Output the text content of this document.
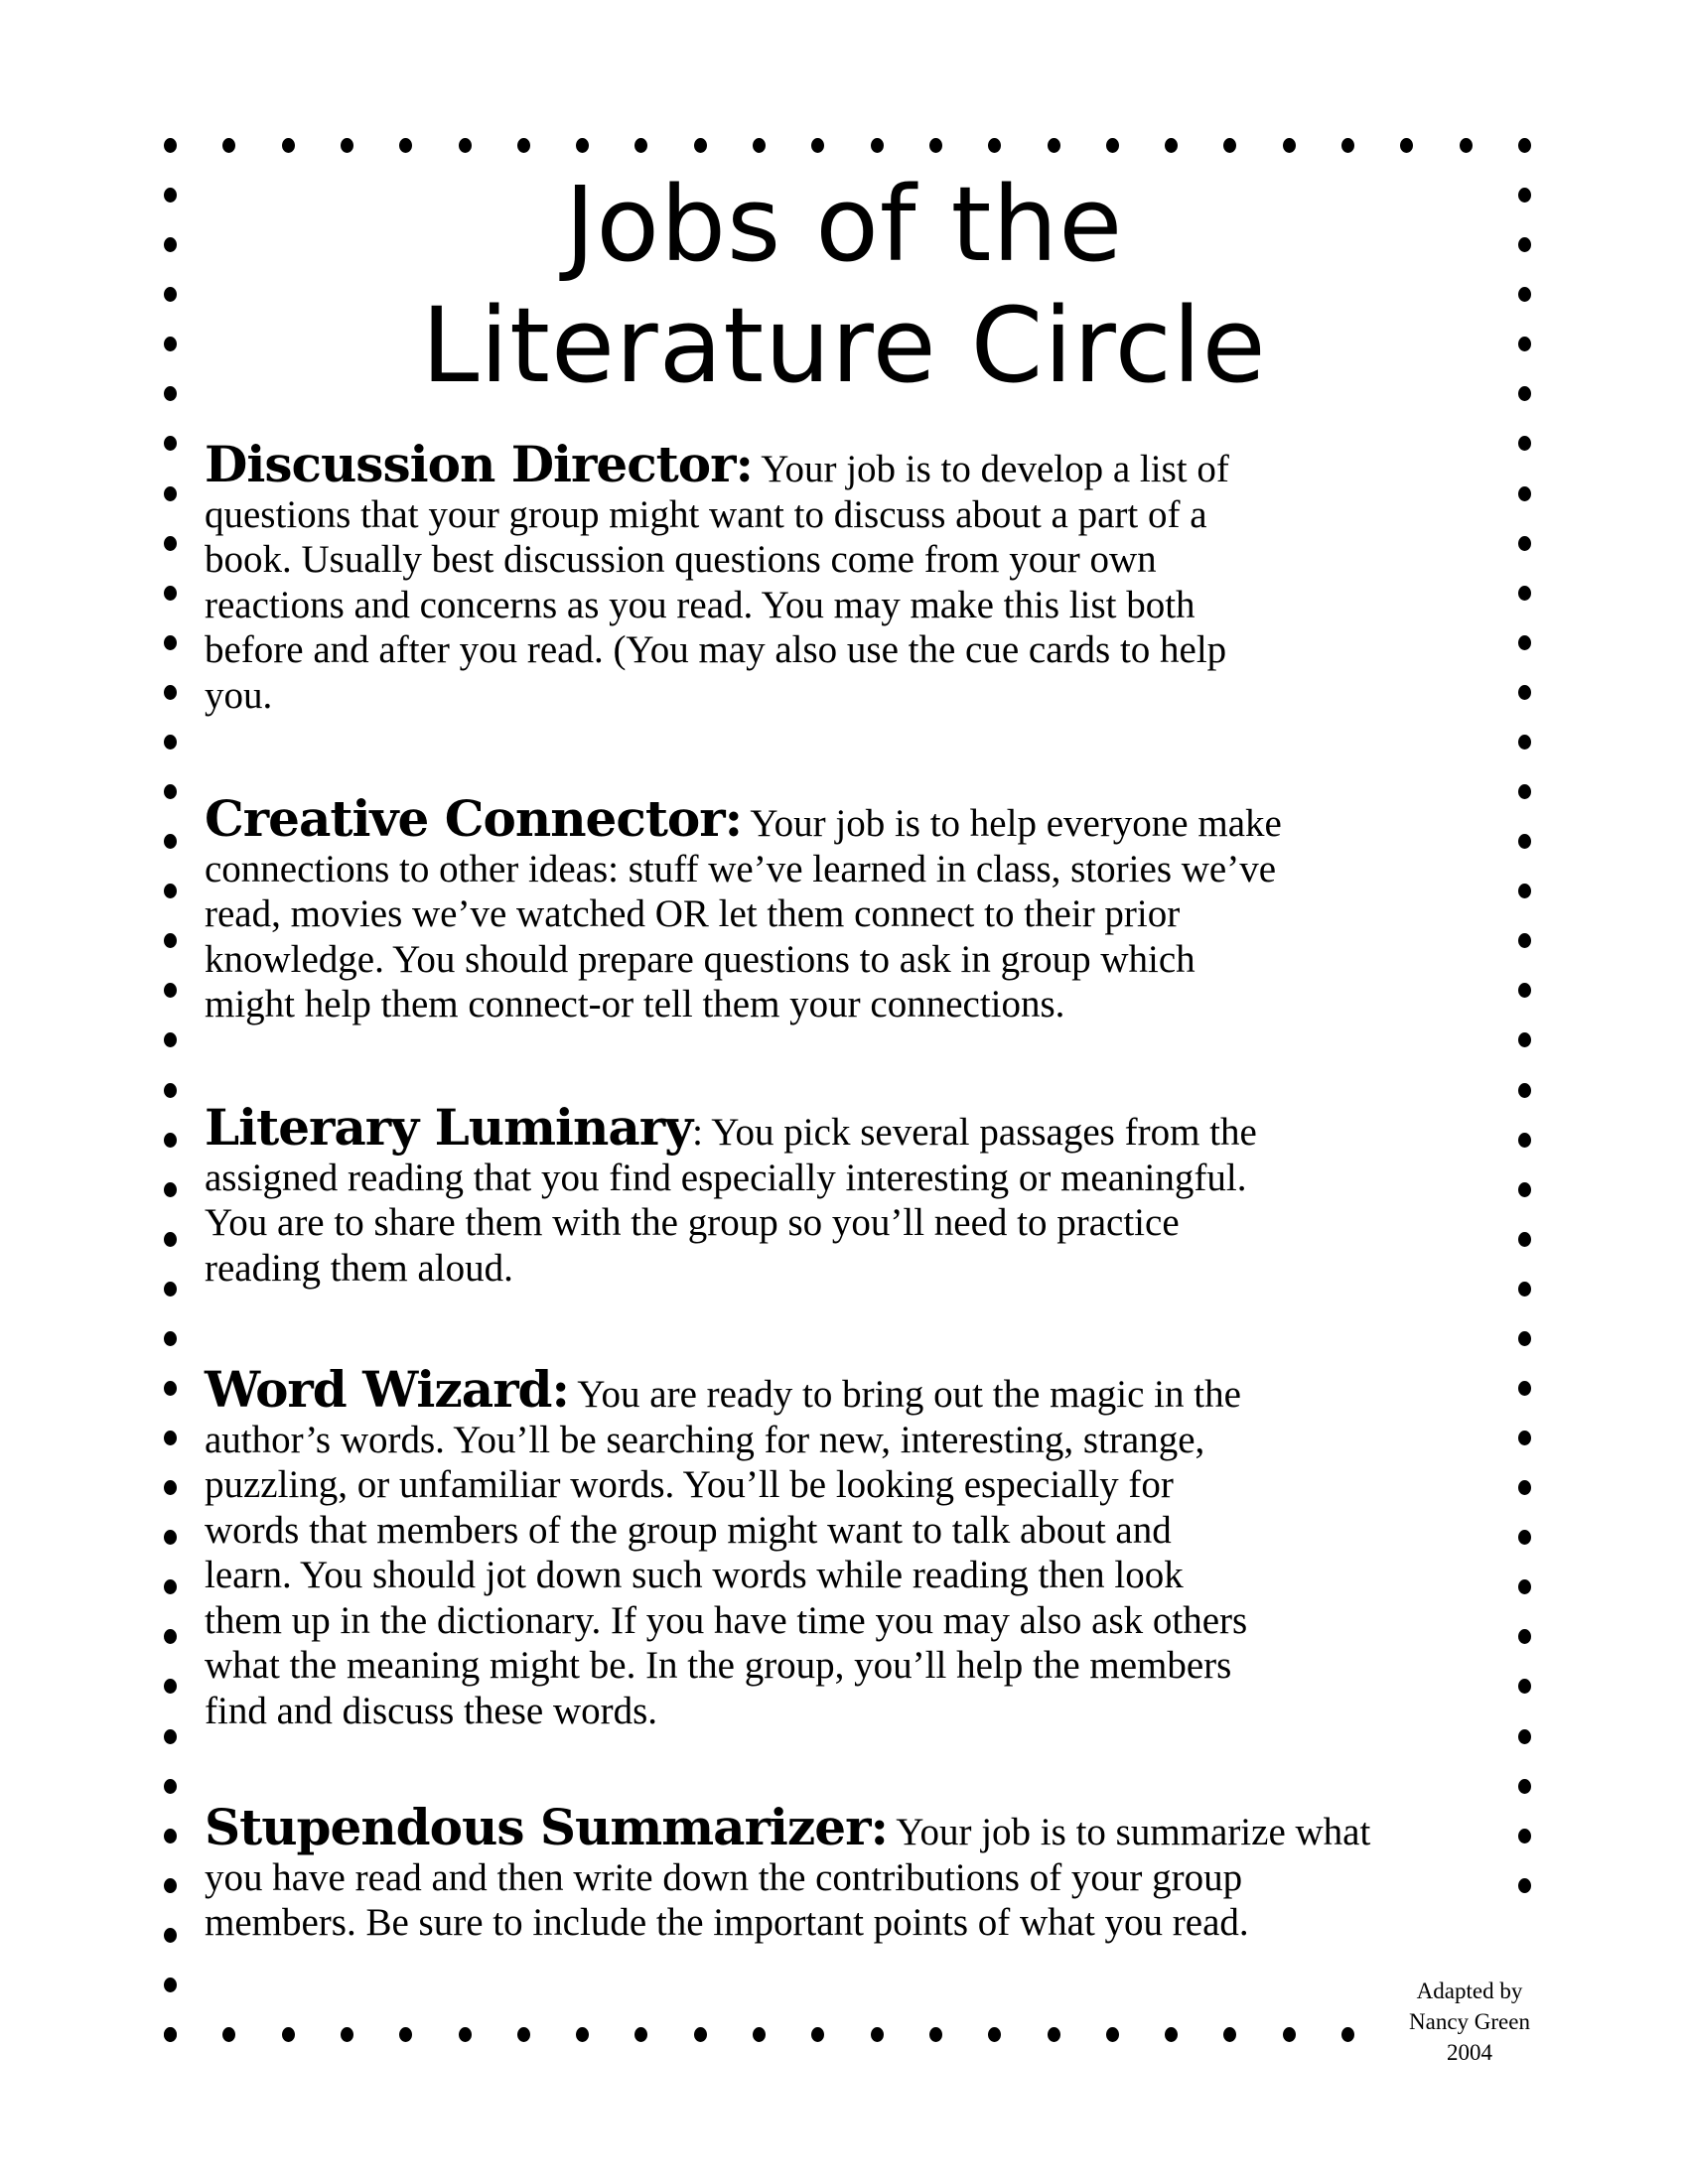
Jobs of the
Literature Circle
Discussion Director: Your job is to develop a list of
questions that your group might want to discuss about a part of a
book. Usually best discussion questions come from your own
reactions and concerns as you read. You may make this list both
before and after you read. (You may also use the cue cards to help
you.
Creative Connector: Your job is to help everyone make
connections to other ideas: stuff we’ve learned in class, stories we’ve
read, movies we’ve watched OR let them connect to their prior
knowledge. You should prepare questions to ask in group which
might help them connect-or tell them your connections.
Literary Luminary: You pick several passages from the
assigned reading that you find especially interesting or meaningful.
You are to share them with the group so you’ll need to practice
reading them aloud.
Word Wizard: You are ready to bring out the magic in the
author’s words. You’ll be searching for new, interesting, strange,
puzzling, or unfamiliar words. You’ll be looking especially for
words that members of the group might want to talk about and
learn. You should jot down such words while reading then look
them up in the dictionary. If you have time you may also ask others
what the meaning might be. In the group, you’ll help the members
find and discuss these words.
Stupendous Summarizer: Your job is to summarize what
you have read and then write down the contributions of your group
members. Be sure to include the important points of what you read.
Adapted by
Nancy Green
2004
